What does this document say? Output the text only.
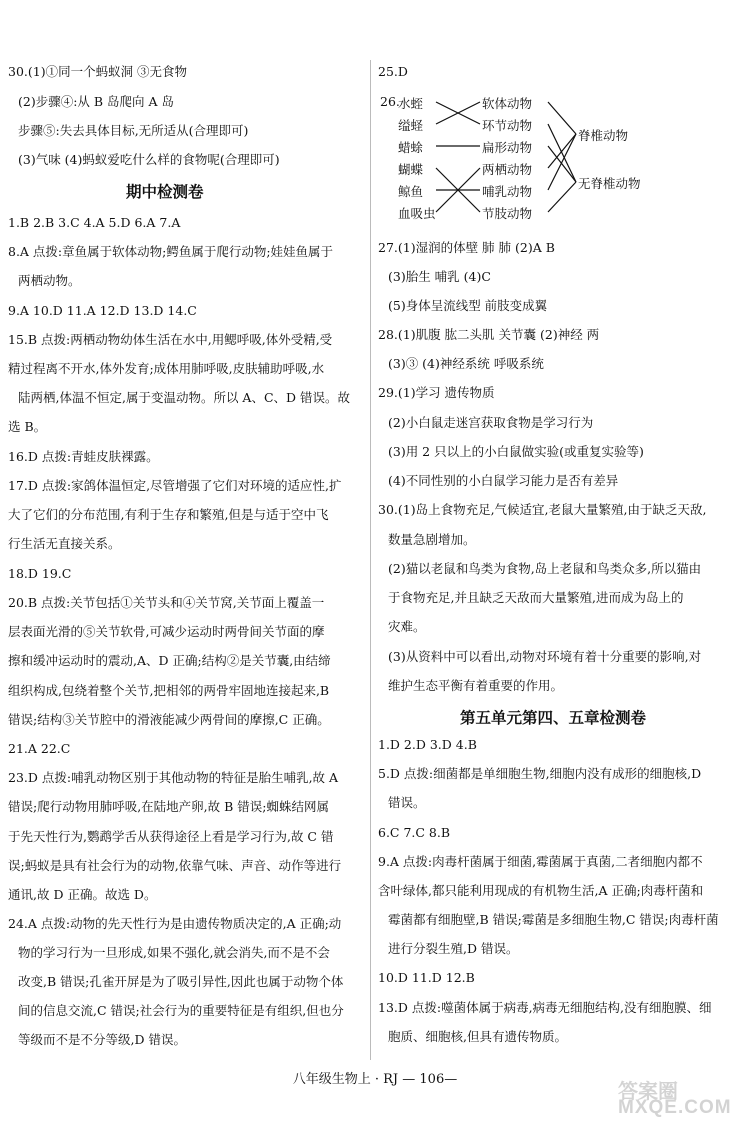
30.(1)①同一个蚂蚁洞 ③无食物
(2)步骤④:从 B 岛爬向 A 岛
步骤⑤:失去具体目标,无所适从(合理即可)
(3)气味 (4)蚂蚁爱吃什么样的食物呢(合理即可)
期中检测卷
1.B 2.B 3.C 4.A 5.D 6.A 7.A
8.A 点拨:章鱼属于软体动物;鳄鱼属于爬行动物;娃娃鱼属于
两栖动物。
9.A 10.D 11.A 12.D 13.D 14.C
15.B 点拨:两栖动物幼体生活在水中,用鳃呼吸,体外受精,受
精过程离不开水,体外发育;成体用肺呼吸,皮肤辅助呼吸,水
陆两栖,体温不恒定,属于变温动物。所以 A、C、D 错误。故
选 B。
16.D 点拨:青蛙皮肤裸露。
17.D 点拨:家鸽体温恒定,尽管增强了它们对环境的适应性,扩
大了它们的分布范围,有利于生存和繁殖,但是与适于空中飞
行生活无直接关系。
18.D 19.C
20.B 点拨:关节包括①关节头和④关节窝,关节面上覆盖一
层表面光滑的⑤关节软骨,可减少运动时两骨间关节面的摩
擦和缓冲运动时的震动,A、D 正确;结构②是关节囊,由结缔
组织构成,包绕着整个关节,把相邻的两骨牢固地连接起来,B
错误;结构③关节腔中的滑液能减少两骨间的摩擦,C 正确。
21.A 22.C
23.D 点拨:哺乳动物区别于其他动物的特征是胎生哺乳,故 A
错误;爬行动物用肺呼吸,在陆地产卵,故 B 错误;蜘蛛结网属
于先天性行为,鹦鹉学舌从获得途径上看是学习行为,故 C 错
误;蚂蚁是具有社会行为的动物,依靠气味、声音、动作等进行
通讯,故 D 正确。故选 D。
24.A 点拨:动物的先天性行为是由遗传物质决定的,A 正确;动
物的学习行为一旦形成,如果不强化,就会消失,而不是不会
改变,B 错误;孔雀开屏是为了吸引异性,因此也属于动物个体
间的信息交流,C 错误;社会行为的重要特征是有组织,但也分
等级而不是不分等级,D 错误。
25.D
26.
水蛭
缢蛏
蜡蜍
蝴蝶
鲸鱼
血吸虫
软体动物
环节动物
扁形动物
两栖动物
哺乳动物
节肢动物
脊椎动物
无脊椎动物
27.(1)湿润的体壁 肺 肺 (2)A B
(3)胎生 哺乳 (4)C
(5)身体呈流线型 前肢变成翼
28.(1)肌腹 肱二头肌 关节囊 (2)神经 两
(3)③ (4)神经系统 呼吸系统
29.(1)学习 遗传物质
(2)小白鼠走迷宫获取食物是学习行为
(3)用 2 只以上的小白鼠做实验(或重复实验等)
(4)不同性别的小白鼠学习能力是否有差异
30.(1)岛上食物充足,气候适宜,老鼠大量繁殖,由于缺乏天敌,
数量急剧增加。
(2)猫以老鼠和鸟类为食物,岛上老鼠和鸟类众多,所以猫由
于食物充足,并且缺乏天敌而大量繁殖,进而成为岛上的
灾难。
(3)从资料中可以看出,动物对环境有着十分重要的影响,对
维护生态平衡有着重要的作用。
第五单元第四、五章检测卷
1.D 2.D 3.D 4.B
5.D 点拨:细菌都是单细胞生物,细胞内没有成形的细胞核,D
错误。
6.C 7.C 8.B
9.A 点拨:肉毒杆菌属于细菌,霉菌属于真菌,二者细胞内都不
含叶绿体,都只能利用现成的有机物生活,A 正确;肉毒杆菌和
霉菌都有细胞壁,B 错误;霉菌是多细胞生物,C 错误;肉毒杆菌
进行分裂生殖,D 错误。
10.D 11.D 12.B
13.D 点拨:噬菌体属于病毒,病毒无细胞结构,没有细胞膜、细
胞质、细胞核,但具有遗传物质。
八年级生物上 · RJ — 106—
答案圈
MXQE.COM
